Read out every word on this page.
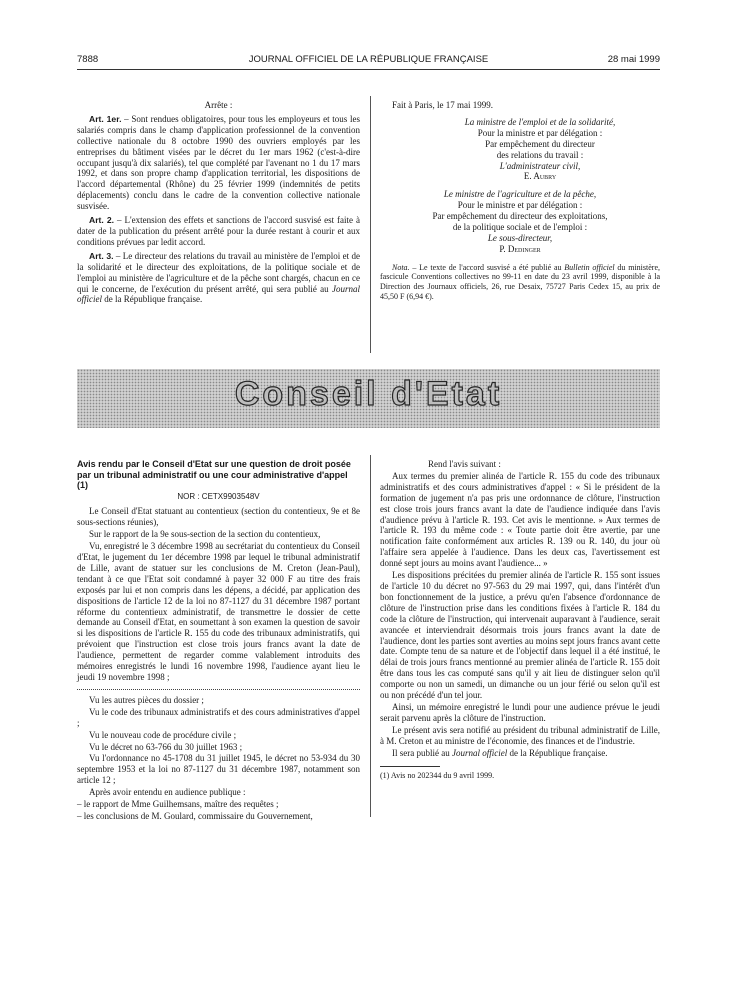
7888	JOURNAL OFFICIEL DE LA RÉPUBLIQUE FRANÇAISE	28 mai 1999

Arrête :

Art. 1er. – Sont rendues obligatoires, pour tous les employeurs et tous les salariés compris dans le champ d'application professionnel de la convention collective nationale du 8 octobre 1990 des ouvriers employés par les entreprises du bâtiment visées par le décret du 1er mars 1962 (c'est-à-dire occupant jusqu'à dix salariés), tel que complété par l'avenant no 1 du 17 mars 1992, et dans son propre champ d'application territorial, les dispositions de l'accord départemental (Rhône) du 25 février 1999 (indemnités de petits déplacements) conclu dans le cadre de la convention collective nationale susvisée.

Art. 2. – L'extension des effets et sanctions de l'accord susvisé est faite à dater de la publication du présent arrêté pour la durée restant à courir et aux conditions prévues par ledit accord.

Art. 3. – Le directeur des relations du travail au ministère de l'emploi et de la solidarité et le directeur des exploitations, de la politique sociale et de l'emploi au ministère de l'agriculture et de la pêche sont chargés, chacun en ce qui le concerne, de l'exécution du présent arrêté, qui sera publié au Journal officiel de la République française.

Fait à Paris, le 17 mai 1999.

La ministre de l'emploi et de la solidarité,
Pour la ministre et par délégation :
Par empêchement du directeur
des relations du travail :
L'administrateur civil,
E. Aubry
Le ministre de l'agriculture et de la pêche,
Pour le ministre et par délégation :
Par empêchement du directeur des exploitations,
de la politique sociale et de l'emploi :
Le sous-directeur,
P. Dedinger

Nota. – Le texte de l'accord susvisé a été publié au Bulletin officiel du ministère, fascicule Conventions collectives no 99-11 en date du 23 avril 1999, disponible à la Direction des Journaux officiels, 26, rue Desaix, 75727 Paris Cedex 15, au prix de 45,50 F (6,94 €).

Conseil d'Etat
Avis rendu par le Conseil d'Etat sur une question de droit posée par un tribunal administratif ou une cour administrative d'appel (1)
NOR : CETX9903548V

Le Conseil d'Etat statuant au contentieux (section du contentieux, 9e et 8e sous-sections réunies),

Sur le rapport de la 9e sous-section de la section du contentieux,

Vu, enregistré le 3 décembre 1998 au secrétariat du contentieux du Conseil d'Etat, le jugement du 1er décembre 1998 par lequel le tribunal administratif de Lille, avant de statuer sur les conclusions de M. Creton (Jean-Paul), tendant à ce que l'Etat soit condamné à payer 32 000 F au titre des frais exposés par lui et non compris dans les dépens, a décidé, par application des dispositions de l'article 12 de la loi no 87-1127 du 31 décembre 1987 portant réforme du contentieux administratif, de transmettre le dossier de cette demande au Conseil d'Etat, en soumettant à son examen la question de savoir si les dispositions de l'article R. 155 du code des tribunaux administratifs, qui prévoient que l'instruction est close trois jours francs avant la date de l'audience, permettent de regarder comme valablement introduits des mémoires enregistrés le lundi 16 novembre 1998, l'audience ayant lieu le jeudi 19 novembre 1998 ;

Vu les autres pièces du dossier ;

Vu le code des tribunaux administratifs et des cours administratives d'appel ;

Vu le nouveau code de procédure civile ;

Vu le décret no 63-766 du 30 juillet 1963 ;

Vu l'ordonnance no 45-1708 du 31 juillet 1945, le décret no 53-934 du 30 septembre 1953 et la loi no 87-1127 du 31 décembre 1987, notamment son article 12 ;

Après avoir entendu en audience publique :

– le rapport de Mme Guilhemsans, maître des requêtes ;

– les conclusions de M. Goulard, commissaire du Gouvernement,

Rend l'avis suivant :

Aux termes du premier alinéa de l'article R. 155 du code des tribunaux administratifs et des cours administratives d'appel : « Si le président de la formation de jugement n'a pas pris une ordonnance de clôture, l'instruction est close trois jours francs avant la date de l'audience indiquée dans l'avis d'audience prévu à l'article R. 193. Cet avis le mentionne. » Aux termes de l'article R. 193 du même code : « Toute partie doit être avertie, par une notification faite conformément aux articles R. 139 ou R. 140, du jour où l'affaire sera appelée à l'audience. Dans les deux cas, l'avertissement est donné sept jours au moins avant l'audience... »

Les dispositions précitées du premier alinéa de l'article R. 155 sont issues de l'article 10 du décret no 97-563 du 29 mai 1997, qui, dans l'intérêt d'un bon fonctionnement de la justice, a prévu qu'en l'absence d'ordonnance de clôture de l'instruction prise dans les conditions fixées à l'article R. 184 du code la clôture de l'instruction, qui intervenait auparavant à l'audience, serait avancée et interviendrait désormais trois jours francs avant la date de l'audience, dont les parties sont averties au moins sept jours francs avant cette date. Compte tenu de sa nature et de l'objectif dans lequel il a été institué, le délai de trois jours francs mentionné au premier alinéa de l'article R. 155 doit être dans tous les cas computé sans qu'il y ait lieu de distinguer selon qu'il comporte ou non un samedi, un dimanche ou un jour férié ou selon qu'il est ou non précédé d'un tel jour.

Ainsi, un mémoire enregistré le lundi pour une audience prévue le jeudi serait parvenu après la clôture de l'instruction.

Le présent avis sera notifié au président du tribunal administratif de Lille, à M. Creton et au ministre de l'économie, des finances et de l'industrie.

Il sera publié au Journal officiel de la République française.

(1) Avis no 202344 du 9 avril 1999.
